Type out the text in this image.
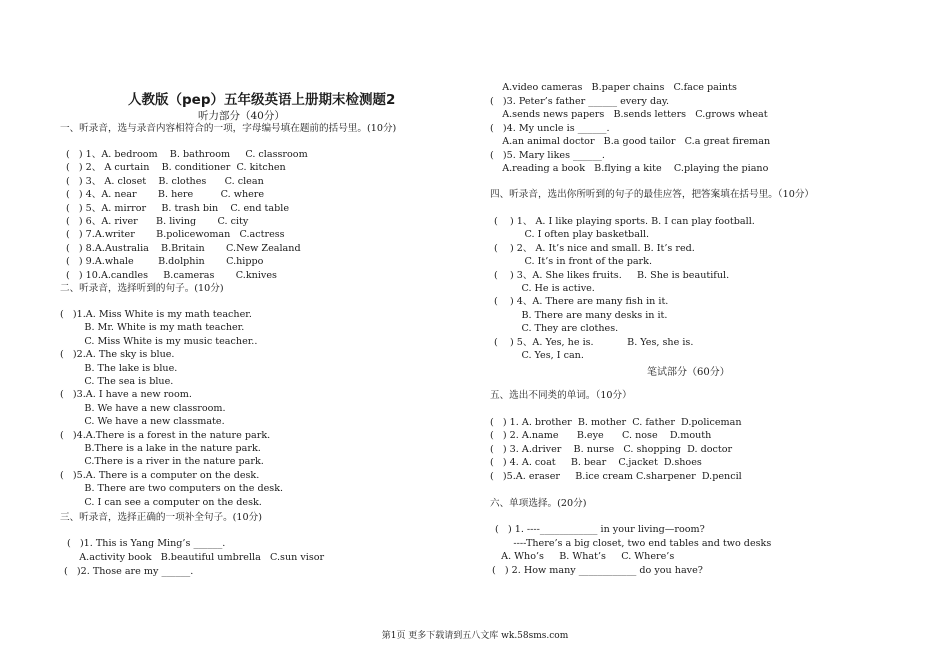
人教版（pep）五年级英语上册期末检测题2
听力部分（40分）
一、听录音，选与录音内容相符合的一项，字母编号填在题前的括号里。(10分)
(   ) 1、A. bedroom    B. bathroom     C. classroom
(   ) 2、 A curtain    B. conditioner  C. kitchen
(   ) 3、 A. closet    B. clothes      C. clean
(   ) 4、A. near       B. here         C. where
(   ) 5、A. mirror     B. trash bin    C. end table
(   ) 6、A. river      B. living       C. city
(   ) 7.A.writer       B.policewoman   C.actress
(   ) 8.A.Australia    B.Britain       C.New Zealand
(   ) 9.A.whale        B.dolphin       C.hippo
(   ) 10.A.candles     B.cameras       C.knives
二、听录音，选择听到的句子。(10分)
(   )1.A. Miss White is my math teacher.
B. Mr. White is my math teacher.
C. Miss White is my music teacher..
(   )2.A. The sky is blue.
B. The lake is blue.
C. The sea is blue.
(   )3.A. I have a new room.
B. We have a new classroom.
C. We have a new classmate.
(   )4.A.There is a forest in the nature park.
B.There is a lake in the nature park.
C.There is a river in the nature park.
(   )5.A. There is a computer on the desk.
B. There are two computers on the desk.
C. I can see a computer on the desk.
三、听录音，选择正确的一项补全句子。(10分)
(   )1. This is Yang Ming’s ______.
A.activity book   B.beautiful umbrella   C.sun visor
(   )2. Those are my ______.
A.video cameras   B.paper chains   C.face paints
(   )3. Peter’s father ______ every day.
A.sends news papers   B.sends letters   C.grows wheat
(   )4. My uncle is ______.
A.an animal doctor   B.a good tailor   C.a great fireman
(   )5. Mary likes ______.
A.reading a book   B.flying a kite    C.playing the piano
四、听录音，选出你所听到的句子的最佳应答，把答案填在括号里。（10分）
(    ) 1、 A. I like playing sports. B. I can play football.
C. I often play basketball.
(    ) 2、 A. It’s nice and small. B. It’s red.
C. It’s in front of the park.
(    ) 3、A. She likes fruits.     B. She is beautiful.
C. He is active.
(    ) 4、A. There are many fish in it.
B. There are many desks in it.
C. They are clothes.
(    ) 5、A. Yes, he is.           B. Yes, she is.
C. Yes, I can.
笔试部分（60分）
五、选出不同类的单词。（10分）
(   ) 1. A. brother  B. mother  C. father  D.policeman
(   ) 2. A.name      B.eye      C. nose    D.mouth
(   ) 3. A.driver    B. nurse   C. shopping  D. doctor
(   ) 4. A. coat     B. bear    C.jacket  D.shoes
(   )5.A. eraser     B.ice cream C.sharpener  D.pencil
六、单项选择。(20分)
(   ) 1. ----____________ in your living—room?
----There’s a big closet, two end tables and two desks
A. Who’s     B. What’s     C. Where’s
(   ) 2. How many ____________ do you have?
第1页 更多下载请到五八文库 wk.58sms.com
